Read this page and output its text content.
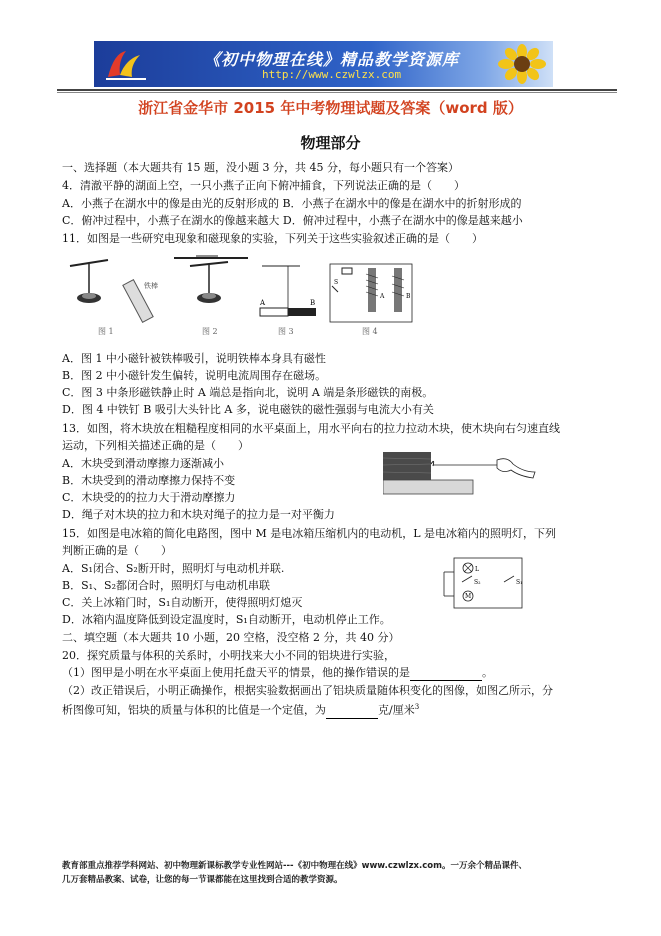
《初中物理在线》精品教学资源库
http://www.czwlzx.com
浙江省金华市 2015 年中考物理试题及答案（word 版）
物理部分
一、选择题（本大题共有 15 题，没小题 3 分，共 45 分，每小题只有一个答案）
4．清澈平静的湖面上空，一只小燕子正向下俯冲捕食，下列说法正确的是（　　）
A．小燕子在湖水中的像是由光的反射形成的 B．小燕子在湖水中的像是在湖水中的折射形成的
C．俯冲过程中，小燕子在湖水的像越来越大 D．俯冲过程中，小燕子在湖水中的像是越来越小
11．如图是一些研究电现象和磁现象的实验，下列关于这些实验叙述正确的是（　　）
铁棒
图 1	图 2
A	B
图 3
S
A	B
图 4
A．图 1 中小磁针被铁棒吸引，说明铁棒本身具有磁性
B．图 2 中小磁针发生偏转，说明电流周围存在磁场。
C．图 3 中条形磁铁静止时 A 端总是指向北，说明 A 端是条形磁铁的南极。
D．图 4 中铁钉 B 吸引大头针比 A 多，说电磁铁的磁性强弱与电流大小有关
13．如图，将木块放在粗糙程度相同的水平桌面上，用水平向右的拉力拉动木块，使木块向右匀速直线
运动，下列相关描述正确的是（　　）
A．木块受到滑动摩擦力逐渐减小
B．木块受到的滑动摩擦力保持不变
C．木块受的的拉力大于滑动摩擦力
D．绳子对木块的拉力和木块对绳子的拉力是一对平衡力
15．如图是电冰箱的简化电路图，图中 M 是电冰箱压缩机内的电动机，L 是电冰箱内的照明灯，下列
判断正确的是（　　）
A．S₁闭合、S₂断开时，照明灯与电动机并联.
B．S₁、S₂都闭合时，照明灯与电动机串联
C．关上冰箱门时，S₁自动断开，使得照明灯熄灭
D．冰箱内温度降低到设定温度时，S₁自动断开，电动机停止工作。
L
S₂
M
S₁
二、填空题（本大题共 10 小题，20 空格，没空格 2 分，共 40 分）
20．探究质量与体积的关系时，小明找来大小不同的铝块进行实验，
（1）图甲是小明在水平桌面上使用托盘天平的情景，他的操作错误的是	。
（2）改正错误后，小明正确操作，根据实验数据画出了铝块质量随体积变化的图像，如图乙所示，分
析图像可知，铝块的质量与体积的比值是一个定值，为	克/厘米$^3$
教育部重点推荐学科网站、初中物理新课标教学专业性网站---《初中物理在线》www.czwlzx.com。一万余个精品课件、
几万套精品教案、试卷，让您的每一节课都能在这里找到合适的教学资源。
